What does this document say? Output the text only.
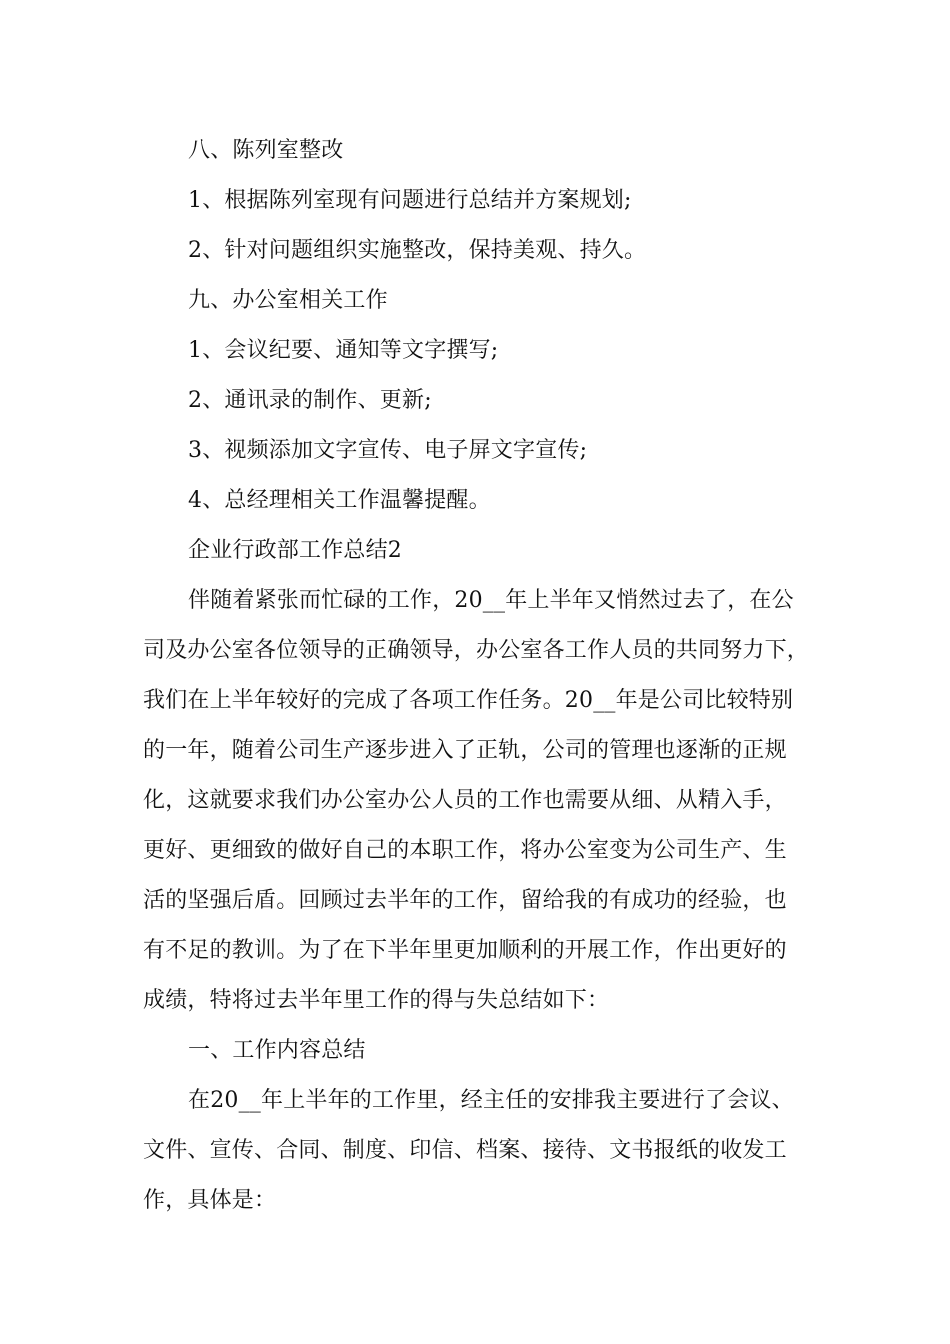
八、陈列室整改
1、根据陈列室现有问题进行总结并方案规划;
2、针对问题组织实施整改，保持美观、持久。
九、办公室相关工作
1、会议纪要、通知等文字撰写;
2、通讯录的制作、更新;
3、视频添加文字宣传、电子屏文字宣传;
4、总经理相关工作温馨提醒。
企业行政部工作总结2
伴随着紧张而忙碌的工作，20__年上半年又悄然过去了，在公
司及办公室各位领导的正确领导，办公室各工作人员的共同努力下，
我们在上半年较好的完成了各项工作任务。20__年是公司比较特别
的一年，随着公司生产逐步进入了正轨，公司的管理也逐渐的正规
化，这就要求我们办公室办公人员的工作也需要从细、从精入手，
更好、更细致的做好自己的本职工作，将办公室变为公司生产、生
活的坚强后盾。回顾过去半年的工作，留给我的有成功的经验，也
有不足的教训。为了在下半年里更加顺利的开展工作，作出更好的
成绩，特将过去半年里工作的得与失总结如下：
一、工作内容总结
在20__年上半年的工作里，经主任的安排我主要进行了会议、
文件、宣传、合同、制度、印信、档案、接待、文书报纸的收发工
作，具体是：
